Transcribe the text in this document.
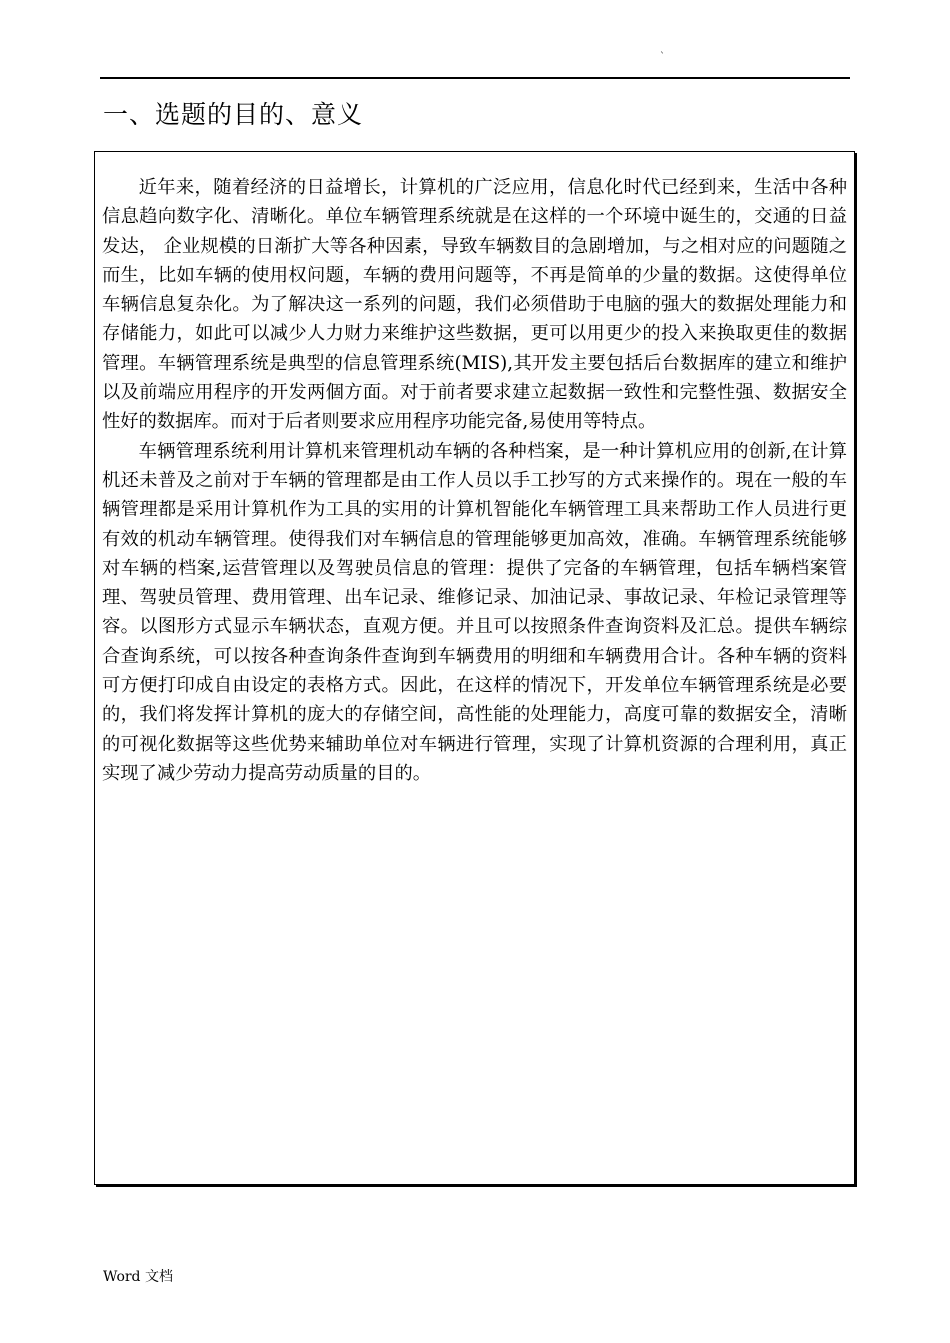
`
一、选题的目的、意义

近年来，随着经济的日益增长，计算机的广泛应用，信息化时代已经到来，生活中各种信息趋向数字化、清晰化。单位车辆管理系统就是在这样的一个环境中诞生的，交通的日益发达， 企业规模的日渐扩大等各种因素，导致车辆数目的急剧增加，与之相对应的问题随之而生，比如车辆的使用权问题，车辆的费用问题等，不再是简单的少量的数据。这使得单位车辆信息复杂化。为了解决这一系列的问题，我们必须借助于电脑的强大的数据处理能力和存储能力，如此可以减少人力财力来维护这些数据，更可以用更少的投入来换取更佳的数据管理。车辆管理系统是典型的信息管理系统(MIS),其开发主要包括后台数据库的建立和维护以及前端应用程序的开发两個方面。对于前者要求建立起数据一致性和完整性强、数据安全性好的数据库。而对于后者则要求应用程序功能完备,易使用等特点。

车辆管理系统利用计算机来管理机动车辆的各种档案，是一种计算机应用的创新,在计算机还未普及之前对于车辆的管理都是由工作人员以手工抄写的方式来操作的。現在一般的车辆管理都是采用计算机作为工具的实用的计算机智能化车辆管理工具来帮助工作人员进行更有效的机动车辆管理。使得我们对车辆信息的管理能够更加高效，准确。车辆管理系统能够对车辆的档案,运营管理以及驾驶员信息的管理：提供了完备的车辆管理，包括车辆档案管理、驾驶员管理、费用管理、出车记录、维修记录、加油记录、事故记录、年检记录管理等容。以图形方式显示车辆状态，直观方便。并且可以按照条件查询资料及汇总。提供车辆综合查询系统，可以按各种查询条件查询到车辆费用的明细和车辆费用合计。各种车辆的资料可方便打印成自由设定的表格方式。因此，在这样的情况下，开发单位车辆管理系统是必要的，我们将发挥计算机的庞大的存储空间，高性能的处理能力，高度可靠的数据安全，清晰的可视化数据等这些优势来辅助单位对车辆进行管理，实现了计算机资源的合理利用，真正实现了减少劳动力提高劳动质量的目的。

Word 文档
